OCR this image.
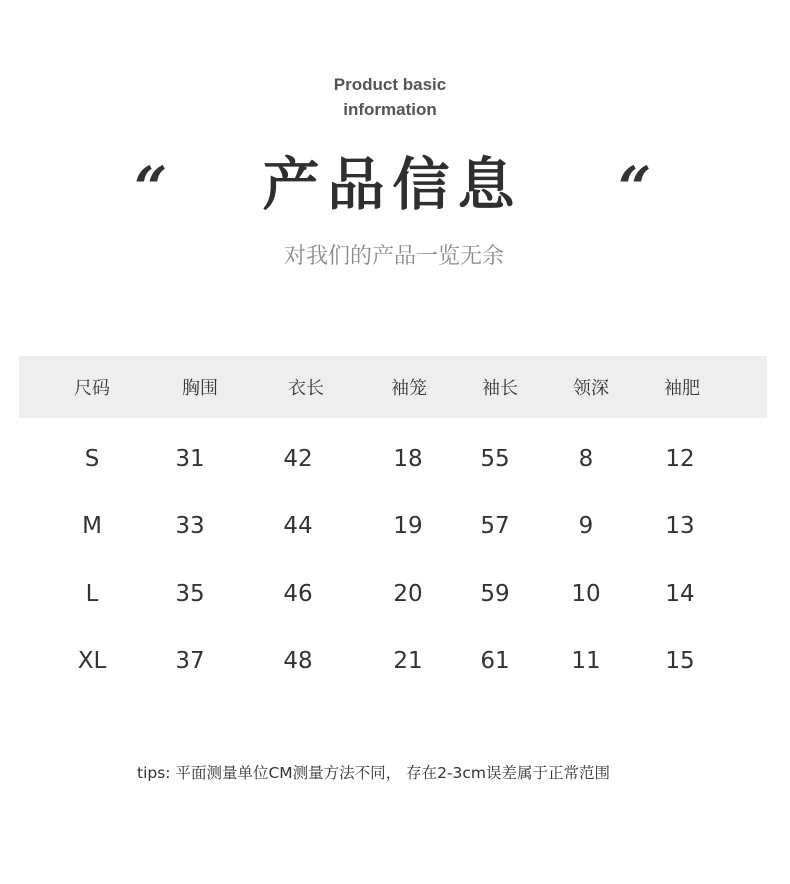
Product basic
information
“	产品信息	“
对我们的产品一览无余
尺码	胸围	衣长	袖笼	袖长	领深	袖肥
S	31	42	18	55	8	12
M	33	44	19	57	9	13
L	35	46	20	59	10	14
XL	37	48	21	61	11	15
tips: 平面测量单位CM测量方法不同， 存在2-3cm误差属于正常范围
